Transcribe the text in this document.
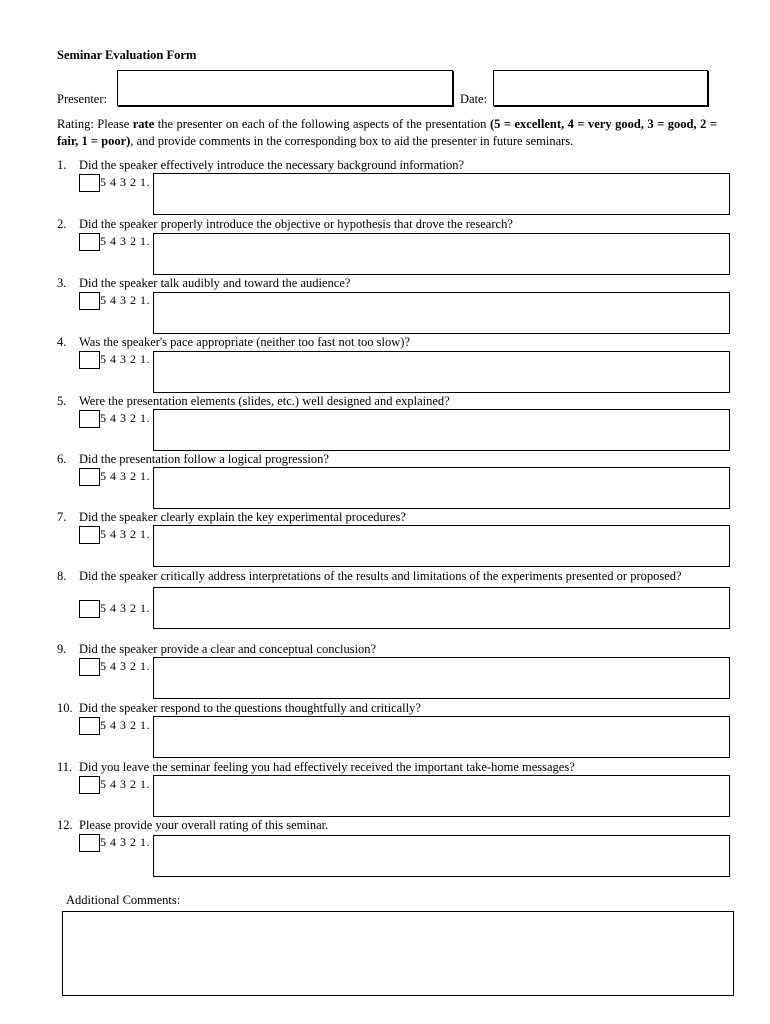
Seminar Evaluation Form
Presenter:	Date:
Rating: Please rate the presenter on each of the following aspects of the presentation (5 = excellent, 4 = very good, 3 = good, 2 = fair, 1 = poor), and provide comments in the corresponding box to aid the presenter in future seminars.
1. Did the speaker effectively introduce the necessary background information?
5 4 3 2 1.
2. Did the speaker properly introduce the objective or hypothesis that drove the research?
5 4 3 2 1.
3. Did the speaker talk audibly and toward the audience?
5 4 3 2 1.
4. Was the speaker's pace appropriate (neither too fast not too slow)?
5 4 3 2 1.
5. Were the presentation elements (slides, etc.) well designed and explained?
5 4 3 2 1.
6. Did the presentation follow a logical progression?
5 4 3 2 1.
7. Did the speaker clearly explain the key experimental procedures?
5 4 3 2 1.
8. Did the speaker critically address interpretations of the results and limitations of the experiments presented or proposed?
5 4 3 2 1.
9. Did the speaker provide a clear and conceptual conclusion?
5 4 3 2 1.
10. Did the speaker respond to the questions thoughtfully and critically?
5 4 3 2 1.
11. Did you leave the seminar feeling you had effectively received the important take-home messages?
5 4 3 2 1.
12. Please provide your overall rating of this seminar.
5 4 3 2 1.
Additional Comments:
